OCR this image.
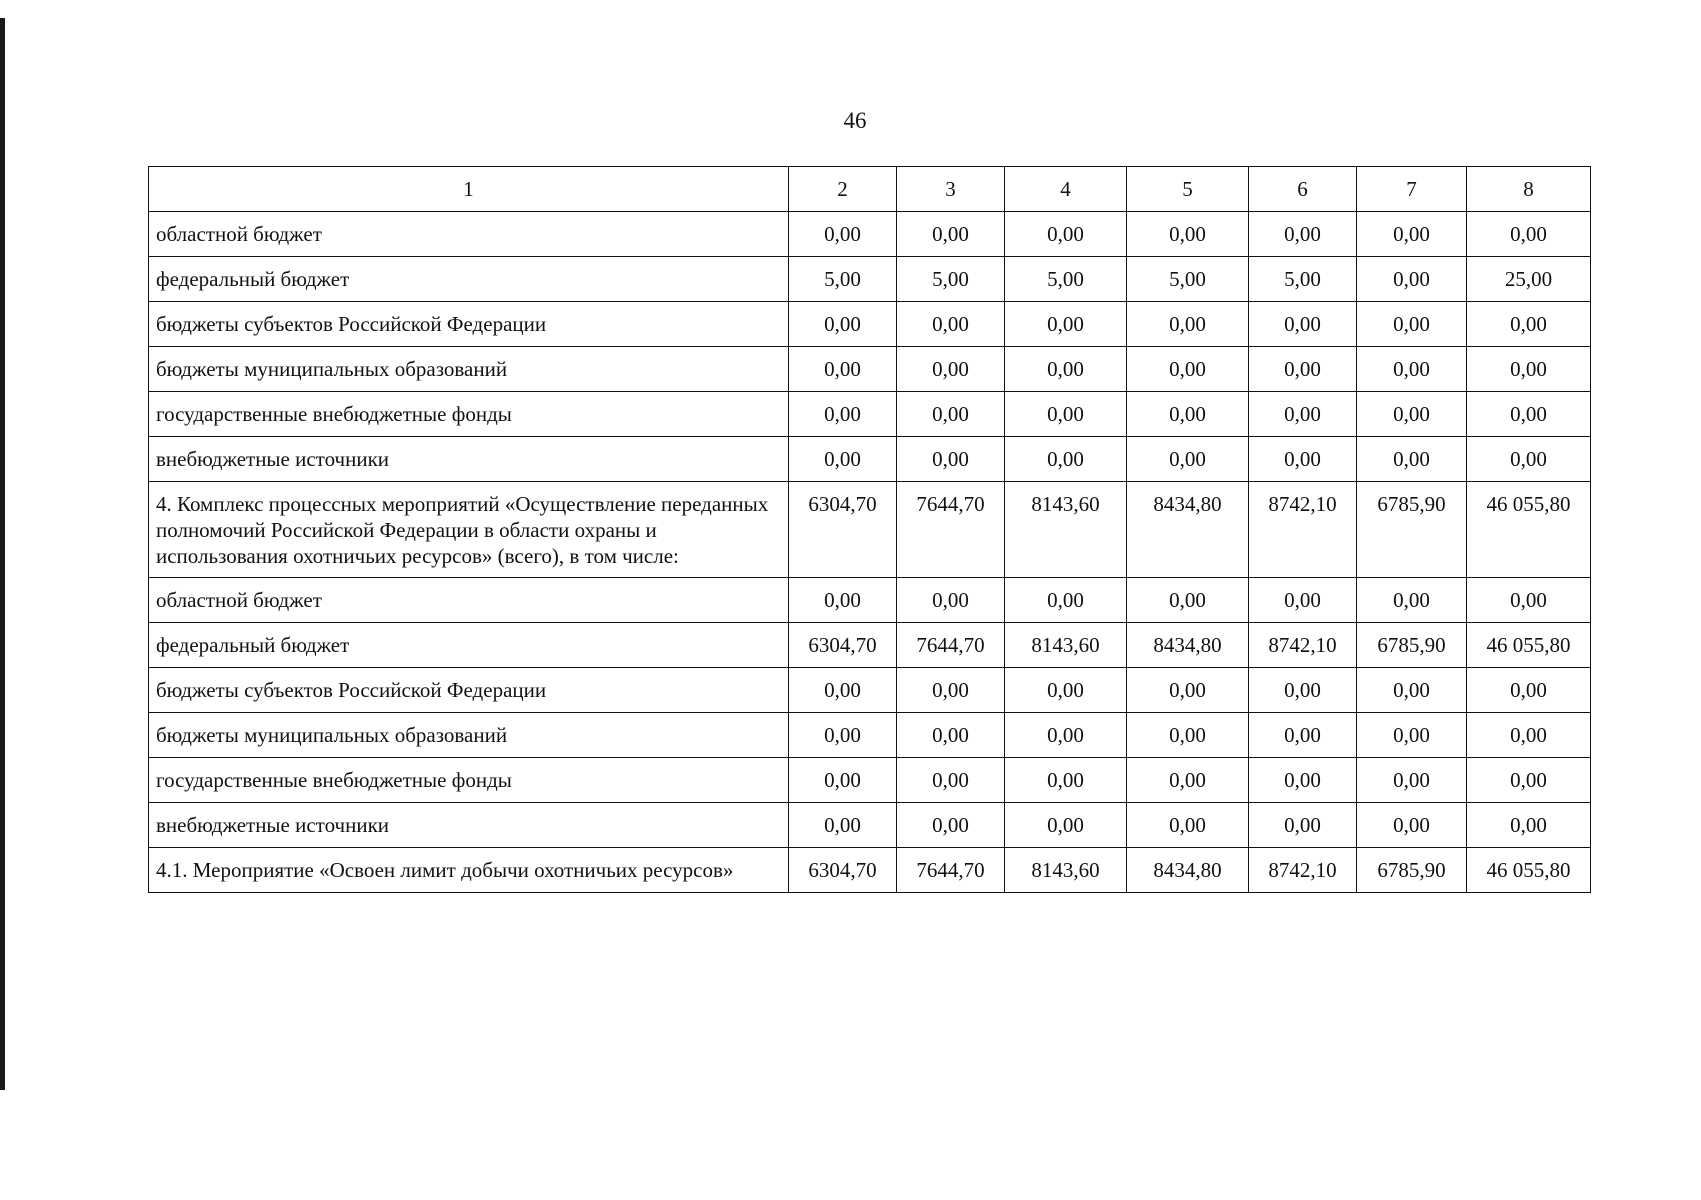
46
1	2	3	4	5	6	7	8
областной бюджет	0,00	0,00	0,00	0,00	0,00	0,00	0,00
федеральный бюджет	5,00	5,00	5,00	5,00	5,00	0,00	25,00
бюджеты субъектов Российской Федерации	0,00	0,00	0,00	0,00	0,00	0,00	0,00
бюджеты муниципальных образований	0,00	0,00	0,00	0,00	0,00	0,00	0,00
государственные внебюджетные фонды	0,00	0,00	0,00	0,00	0,00	0,00	0,00
внебюджетные источники	0,00	0,00	0,00	0,00	0,00	0,00	0,00
4. Комплекс процессных мероприятий «Осуществление переданных полномочий Российской Федерации в области охраны и использования охотничьих ресурсов» (всего), в том числе:	6304,70	7644,70	8143,60	8434,80	8742,10	6785,90	46 055,80
областной бюджет	0,00	0,00	0,00	0,00	0,00	0,00	0,00
федеральный бюджет	6304,70	7644,70	8143,60	8434,80	8742,10	6785,90	46 055,80
бюджеты субъектов Российской Федерации	0,00	0,00	0,00	0,00	0,00	0,00	0,00
бюджеты муниципальных образований	0,00	0,00	0,00	0,00	0,00	0,00	0,00
государственные внебюджетные фонды	0,00	0,00	0,00	0,00	0,00	0,00	0,00
внебюджетные источники	0,00	0,00	0,00	0,00	0,00	0,00	0,00
4.1. Мероприятие «Освоен лимит добычи охотничьих ресурсов»	6304,70	7644,70	8143,60	8434,80	8742,10	6785,90	46 055,80
